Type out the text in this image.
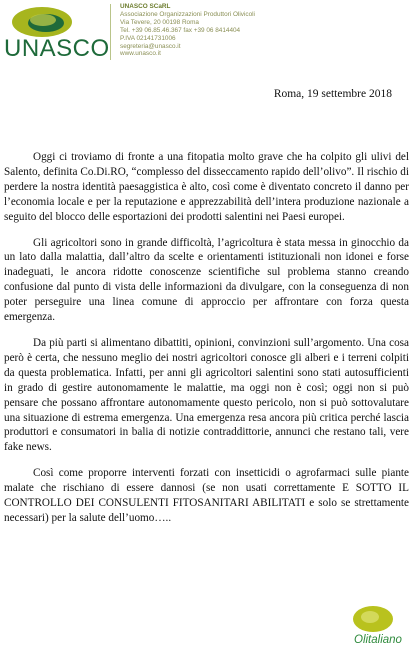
UNASCO
UNASCO SCaRL
Associazione Organizzazioni Produttori Olivicoli
Via Tevere, 20 00198 Roma
Tel. +39 06.85.46.367 fax +39 06 8414404
P.IVA 02141731006
segreteria@unasco.it
www.unasco.it
Roma, 19 settembre 2018

Oggi ci troviamo di fronte a una fitopatia molto grave che ha colpito gli ulivi del Salento, definita Co.Di.RO, “complesso del disseccamento rapido dell’olivo”. Il rischio di perdere la nostra identità paesaggistica è alto, così come è diventato concreto il danno per l’economia locale e per la reputazione e apprezzabilità dell’intera produzione nazionale a seguito del blocco delle esportazioni dei prodotti salentini nei Paesi europei.

Gli agricoltori sono in grande difficoltà, l’agricoltura è stata messa in ginocchio da un lato dalla malattia, dall’altro da scelte e orientamenti istituzionali non idonei e forse inadeguati, le ancora ridotte conoscenze scientifiche sul problema stanno creando confusione dal punto di vista delle informazioni da divulgare, con la conseguenza di non poter perseguire una linea comune di approccio per affrontare con forza questa emergenza.

Da più parti si alimentano dibattiti, opinioni, convinzioni sull’argomento. Una cosa però è certa, che nessuno meglio dei nostri agricoltori conosce gli alberi e i terreni colpiti da questa problematica. Infatti, per anni gli agricoltori salentini sono stati autosufficienti in grado di gestire autonomamente le malattie, ma oggi non è così; oggi non si può pensare che possano affrontare autonomamente questo pericolo, non si può sottovalutare una situazione di estrema emergenza. Una emergenza resa ancora più critica perché lascia produttori e consumatori in balia di notizie contraddittorie, annunci che restano tali, vere fake news.

Così come proporre interventi forzati con insetticidi o agrofarmaci sulle piante malate che rischiano di essere dannosi (se non usati correttamente E SOTTO IL CONTROLLO DEI CONSULENTI FITOSANITARI ABILITATI e solo se strettamente necessari) per la salute dell’uomo…..

Olitaliano
